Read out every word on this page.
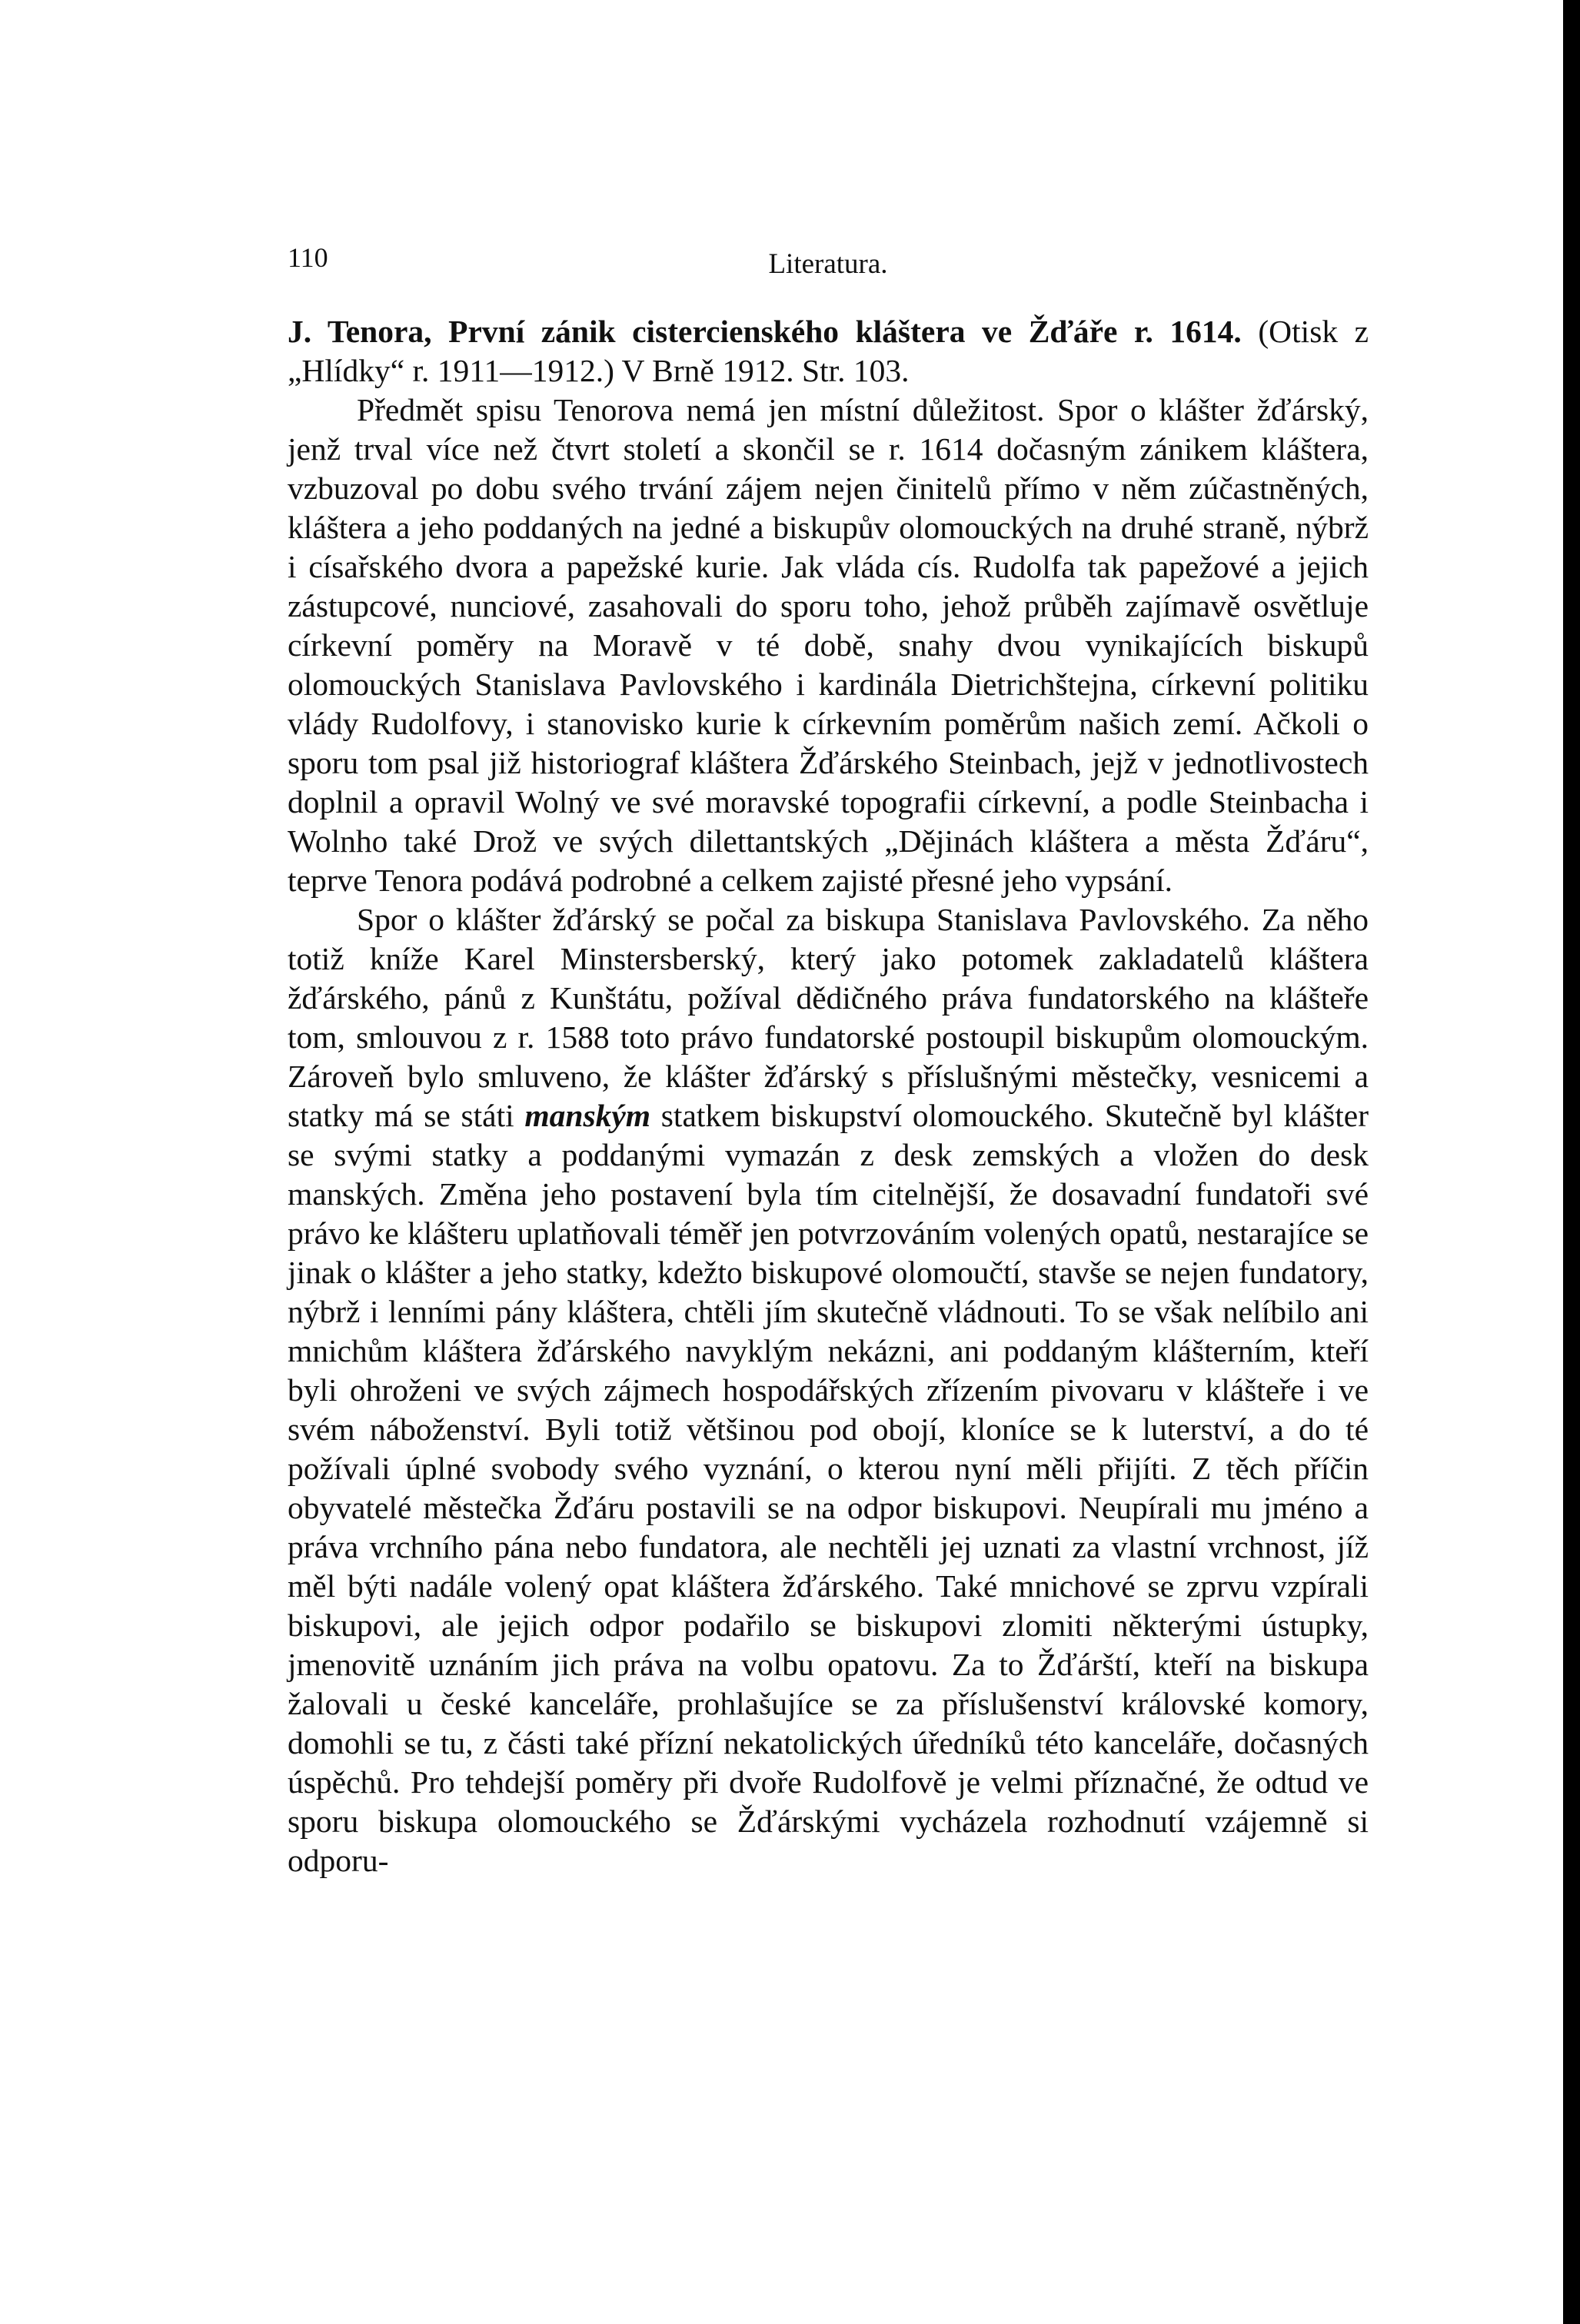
110	Literatura.
J. Tenora, První zánik cistercienského kláštera ve Žďáře r. 1614. (Otisk z „Hlídky“ r. 1911—1912.) V Brně 1912. Str. 103.

Předmět spisu Tenorova nemá jen místní důležitost. Spor o klášter žďárský, jenž trval více než čtvrt století a skončil se r. 1614 dočasným zánikem kláštera, vzbuzoval po dobu svého trvání zájem nejen činitelů přímo v něm zúčastněných, kláštera a jeho poddaných na jedné a biskupův olomouckých na druhé straně, nýbrž i císařského dvora a papežské kurie. Jak vláda cís. Rudolfa tak papežové a jejich zástupcové, nunciové, zasahovali do sporu toho, jehož průběh zajímavě osvětluje církevní poměry na Moravě v té době, snahy dvou vynikajících biskupů olomouckých Stanislava Pavlovského i kardinála Dietrichštejna, církevní politiku vlády Rudolfovy, i stanovisko kurie k církevním poměrům našich zemí. Ačkoli o sporu tom psal již historiograf kláštera Žďárského Steinbach, jejž v jednotlivostech doplnil a opravil Wolný ve své moravské topografii církevní, a podle Steinbacha i Wolnho také Drož ve svých dilettantských „Dějinách kláštera a města Žďáru“, teprve Tenora podává podrobné a celkem zajisté přesné jeho vypsání.

Spor o klášter žďárský se počal za biskupa Stanislava Pavlovského. Za něho totiž kníže Karel Minstersberský, který jako potomek zakladatelů kláštera žďárského, pánů z Kunštátu, požíval dědičného práva fundatorského na klášteře tom, smlouvou z r. 1588 toto právo fundatorské postoupil biskupům olomouckým. Zároveň bylo smluveno, že klášter žďárský s příslušnými městečky, vesnicemi a statky má se státi manským statkem biskupství olomouckého. Skutečně byl klášter se svými statky a poddanými vymazán z desk zemských a vložen do desk manských. Změna jeho postavení byla tím citelnější, že dosavadní fundatoři své právo ke klášteru uplatňovali téměř jen potvrzováním volených opatů, nestarajíce se jinak o klášter a jeho statky, kdežto biskupové olomoučtí, stavše se nejen fundatory, nýbrž i lenními pány kláštera, chtěli jím skutečně vládnouti. To se však nelíbilo ani mnichům kláštera žďárského navyklým nekázni, ani poddaným klášterním, kteří byli ohroženi ve svých zájmech hospodářských zřízením pivovaru v klášteře i ve svém náboženství. Byli totiž většinou pod obojí, kloníce se k luterství, a do té požívali úplné svobody svého vyznání, o kterou nyní měli přijíti. Z těch příčin obyvatelé městečka Žďáru postavili se na odpor biskupovi. Neupírali mu jméno a práva vrchního pána nebo fundatora, ale nechtěli jej uznati za vlastní vrchnost, jíž měl býti nadále volený opat kláštera žďárského. Také mnichové se zprvu vzpírali biskupovi, ale jejich odpor podařilo se biskupovi zlomiti některými ústupky, jmenovitě uznáním jich práva na volbu opatovu. Za to Žďárští, kteří na biskupa žalovali u české kanceláře, prohlašujíce se za příslušenství královské komory, domohli se tu, z části také přízní nekatolických úředníků této kanceláře, dočasných úspěchů. Pro tehdejší poměry při dvoře Rudolfově je velmi příznačné, že odtud ve sporu biskupa olomouckého se Žďárskými vycházela rozhodnutí vzájemně si odporu-
